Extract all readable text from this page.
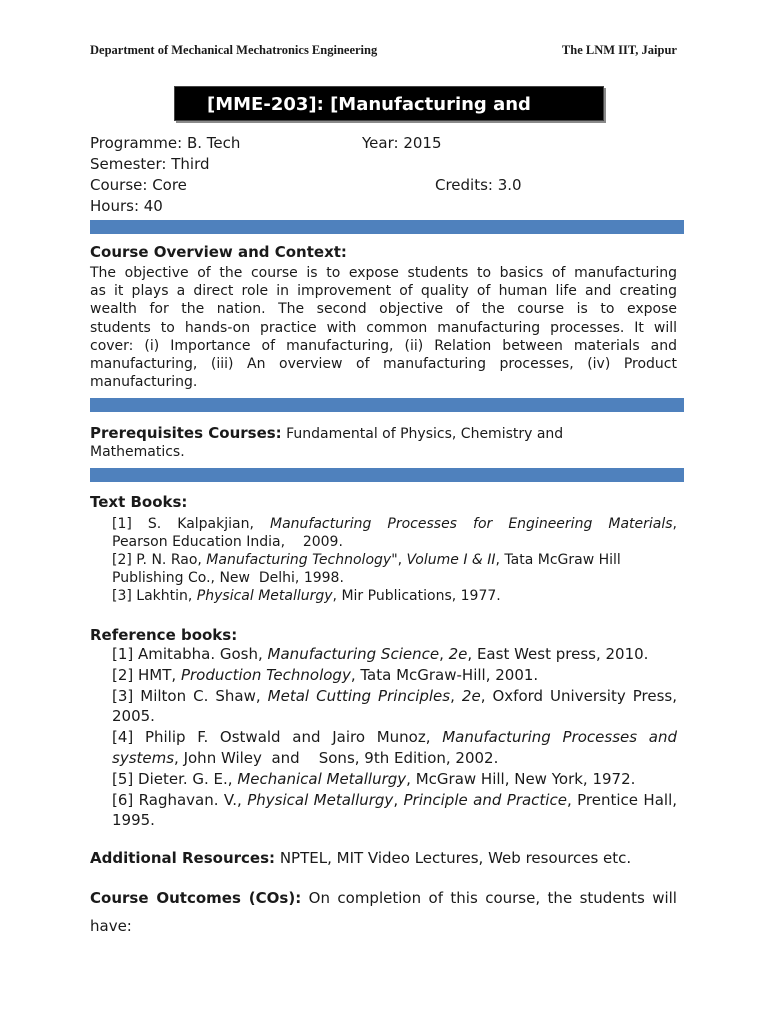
Department of Mechanical Mechatronics Engineering	The LNM IIT, Jaipur
[MME-203]: [Manufacturing and
Programme: B. Tech	Year: 2015
Semester: Third
Course: Core	Credits: 3.0
Hours: 40
Course Overview and Context:
The objective of the course is to expose students to basics of manufacturing
as it plays a direct role in improvement of quality of human life and creating
wealth for the nation. The second objective of the course is to expose
students to hands-on practice with common manufacturing processes. It will
cover: (i) Importance of manufacturing, (ii) Relation between materials and
manufacturing, (iii) An overview of manufacturing processes, (iv) Product
manufacturing.
Prerequisites Courses: Fundamental of Physics, Chemistry and
Mathematics.
Text Books:
[1] S. Kalpakjian, Manufacturing Processes for Engineering Materials,
Pearson Education India,    2009.
[2] P. N. Rao, Manufacturing Technology", Volume I & II, Tata McGraw Hill
Publishing Co., New  Delhi, 1998.
[3] Lakhtin, Physical Metallurgy, Mir Publications, 1977.
Reference books:
[1] Amitabha. Gosh, Manufacturing Science, 2e, East West press, 2010.
[2] HMT, Production Technology, Tata McGraw-Hill, 2001.
[3] Milton C. Shaw, Metal Cutting Principles, 2e, Oxford University Press,
2005.
[4] Philip F. Ostwald and Jairo Munoz, Manufacturing Processes and
systems, John Wiley  and    Sons, 9th Edition, 2002.
[5] Dieter. G. E., Mechanical Metallurgy, McGraw Hill, New York, 1972.
[6] Raghavan. V., Physical Metallurgy, Principle and Practice, Prentice Hall,
1995.
Additional Resources: NPTEL, MIT Video Lectures, Web resources etc.
Course Outcomes (COs): On completion of this course, the students will
have:
